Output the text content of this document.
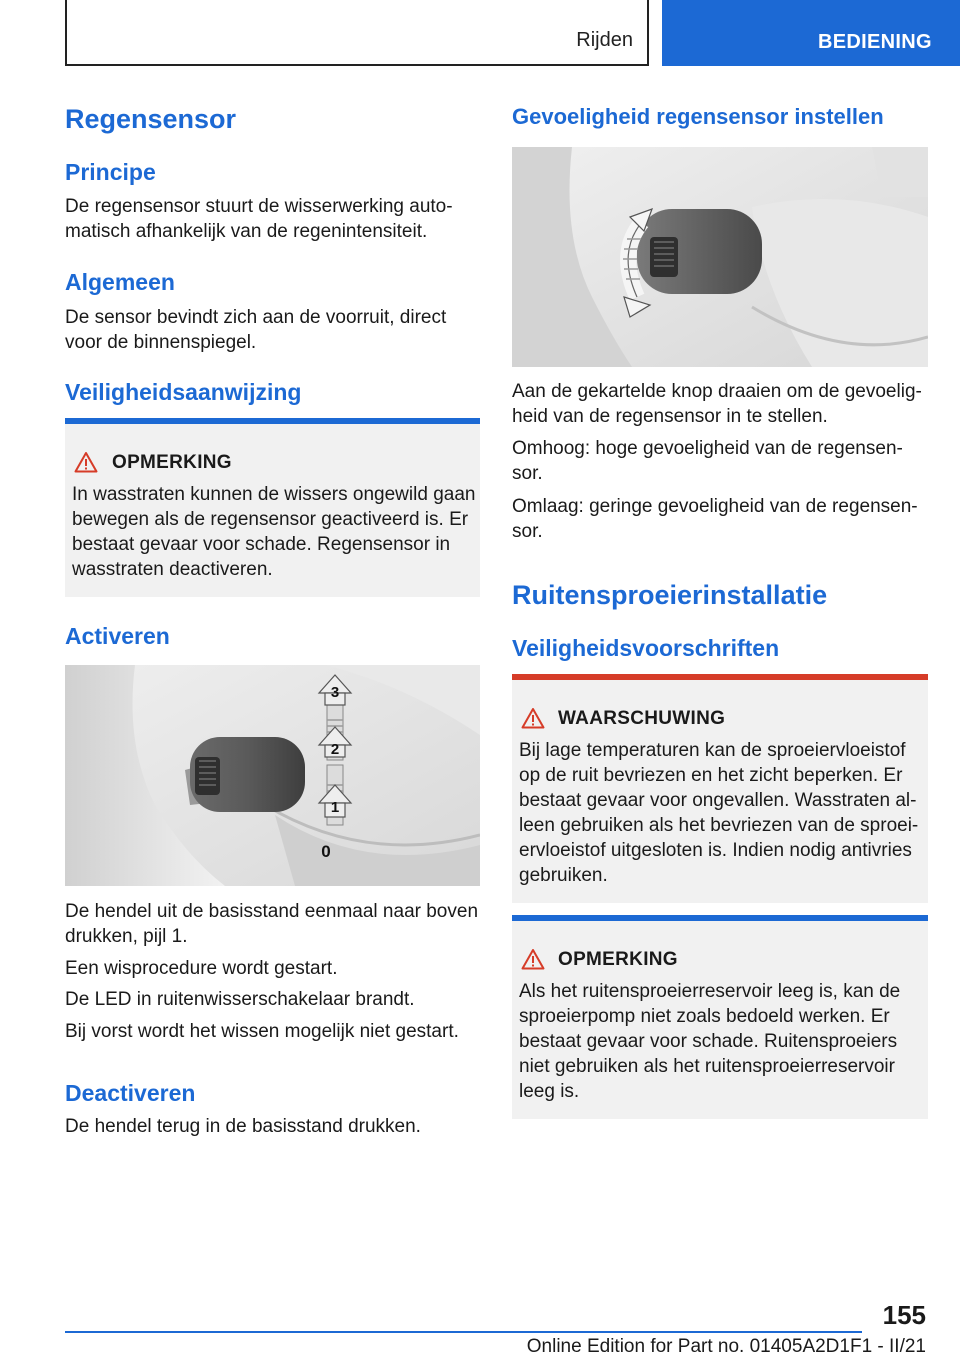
Rijden	BEDIENING
Regensensor
Principe
De regensensor stuurt de wisserwerking auto-
matisch afhankelijk van de regenintensiteit.
Algemeen
De sensor bevindt zich aan de voorruit, direct
voor de binnenspiegel.
Veiligheidsaanwijzing
OPMERKING
In wasstraten kunnen de wissers ongewild gaan
bewegen als de regensensor geactiveerd is. Er
bestaat gevaar voor schade. Regensensor in
wasstraten deactiveren.
Activeren
3
2
1
0
De hendel uit de basisstand eenmaal naar boven
drukken, pijl 1.
Een wisprocedure wordt gestart.
De LED in ruitenwisserschakelaar brandt.
Bij vorst wordt het wissen mogelijk niet gestart.
Deactiveren
De hendel terug in de basisstand drukken.
Gevoeligheid regensensor instellen
Aan de gekartelde knop draaien om de gevoelig-
heid van de regensensor in te stellen.
Omhoog: hoge gevoeligheid van de regensen-
sor.
Omlaag: geringe gevoeligheid van de regensen-
sor.
Ruitensproeierinstallatie
Veiligheidsvoorschriften
WAARSCHUWING
Bij lage temperaturen kan de sproeiervloeistof
op de ruit bevriezen en het zicht beperken. Er
bestaat gevaar voor ongevallen. Wasstraten al-
leen gebruiken als het bevriezen van de sproei-
ervloeistof uitgesloten is. Indien nodig antivries
gebruiken.
OPMERKING
Als het ruitensproeierreservoir leeg is, kan de
sproeierpomp niet zoals bedoeld werken. Er
bestaat gevaar voor schade. Ruitensproeiers
niet gebruiken als het ruitensproeierreservoir
leeg is.
155
Online Edition for Part no. 01405A2D1F1 - II/21
